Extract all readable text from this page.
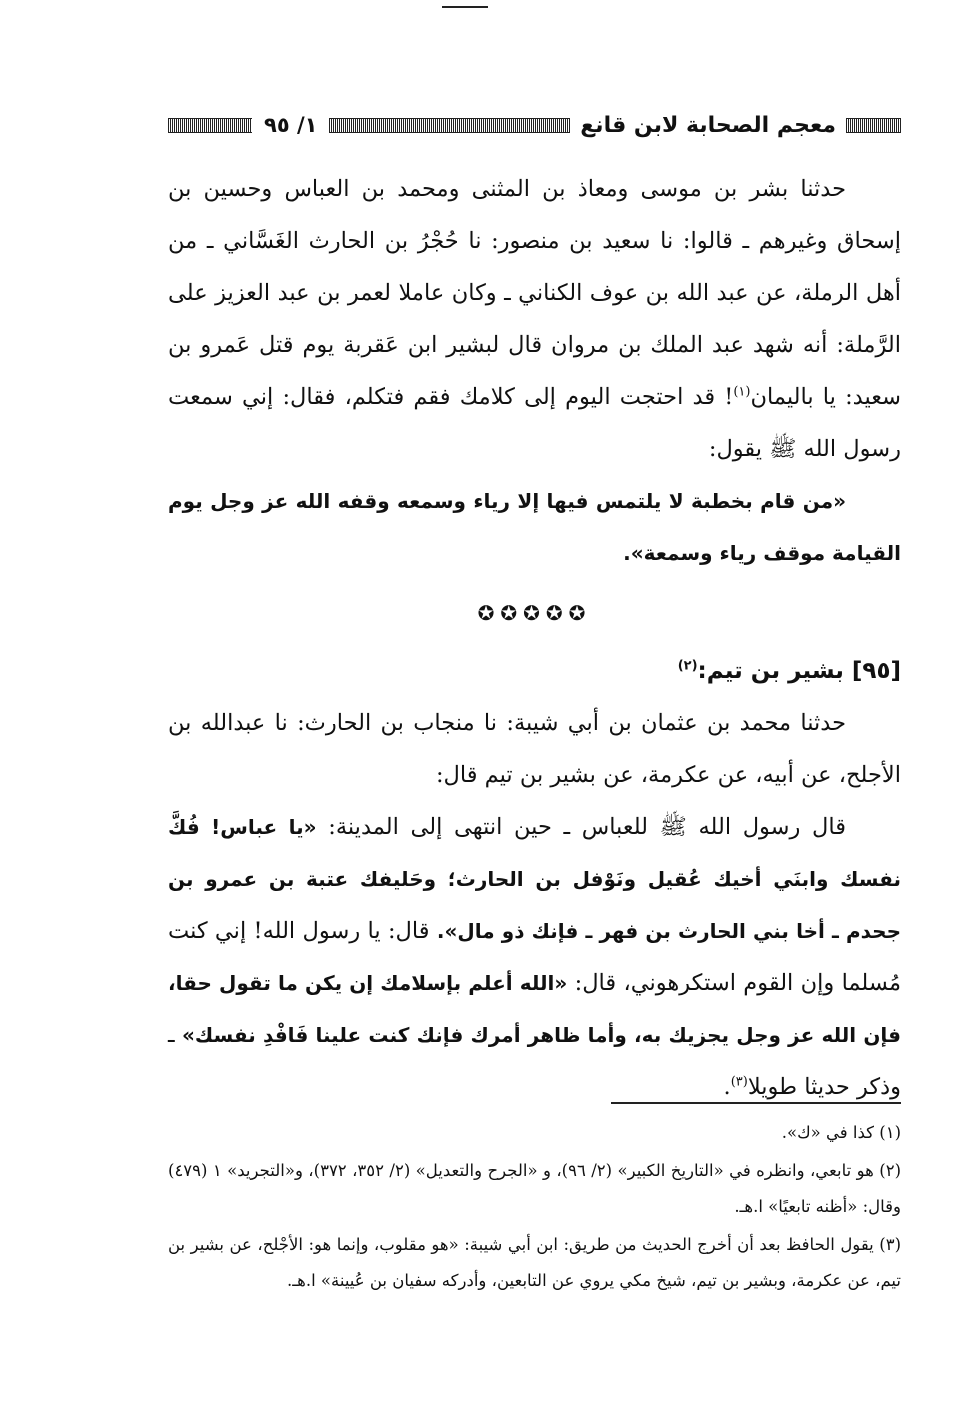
معجم الصحابة لابن قانع
١/ ٩٥

حدثنا بشر بن موسى ومعاذ بن المثنى ومحمد بن العباس وحسين بن إسحاق وغيرهم ـ قالوا: نا سعيد بن منصور: نا حُجْرُ بن الحارث الغَسَّاني ـ من أهل الرملة، عن عبد الله بن عوف الكناني ـ وكان عاملا لعمر بن عبد العزيز على الرَّملة: أنه شهد عبد الملك بن مروان قال لبشير ابن عَقربة يوم قتل عَمرو بن سعيد: يا باليمان$^{(١)}$! قد احتجت اليوم إلى كلامك فقم فتكلم، فقال: إني سمعت رسول الله ﷺ يقول:

«من قام بخطبة لا يلتمس فيها إلا رياء وسمعه وقفه الله عز وجل يوم القيامة موقف رياء وسمعة».

✪✪✪✪✪

[٩٥] بشير بن تيم:$^{(٢)}$

حدثنا محمد بن عثمان بن أبي شيبة: نا منجاب بن الحارث: نا عبدالله بن الأجلح، عن أبيه، عن عكرمة، عن بشير بن تيم قال:

قال رسول الله ﷺ للعباس ـ حين انتهى إلى المدينة: «يا عباس! فُكَّ نفسك وابنَي أخيك عُقيل ونَوْفل بن الحارث؛ وحَليفك عتبة بن عمرو بن جحدم ـ أخا بني الحارث بن فهر ـ فإنك ذو مال». قال: يا رسول الله! إني كنت مُسلما وإن القوم استكرهوني، قال: «الله أعلم بإسلامك إن يكن ما تقول حقا، فإن الله عز وجل يجزيك به، وأما ظاهر أمرك فإنك كنت علينا فَافْدِ نفسك» ـ وذكر حديثا طويلا$^{(٣)}$.

(١) كذا في «ك».

(٢) هو تابعي، وانظره في «التاريخ الكبير» (٢/ ٩٦)، و «الجرح والتعديل» (٢/ ٣٥٢، ٣٧٢)، و«التجريد» ١ (٤٧٩) وقال: «أظنه تابعيًا» ا.هـ.

(٣) يقول الحافظ بعد أن أخرج الحديث من طريق: ابن أبي شيبة: «هو مقلوب، وإنما هو: الأجْلح، عن بشير بن تيم، عن عكرمة، وبشير بن تيم، شيخ مكي يروي عن التابعين، وأدركه سفيان بن عُيينة» ا.هـ.
